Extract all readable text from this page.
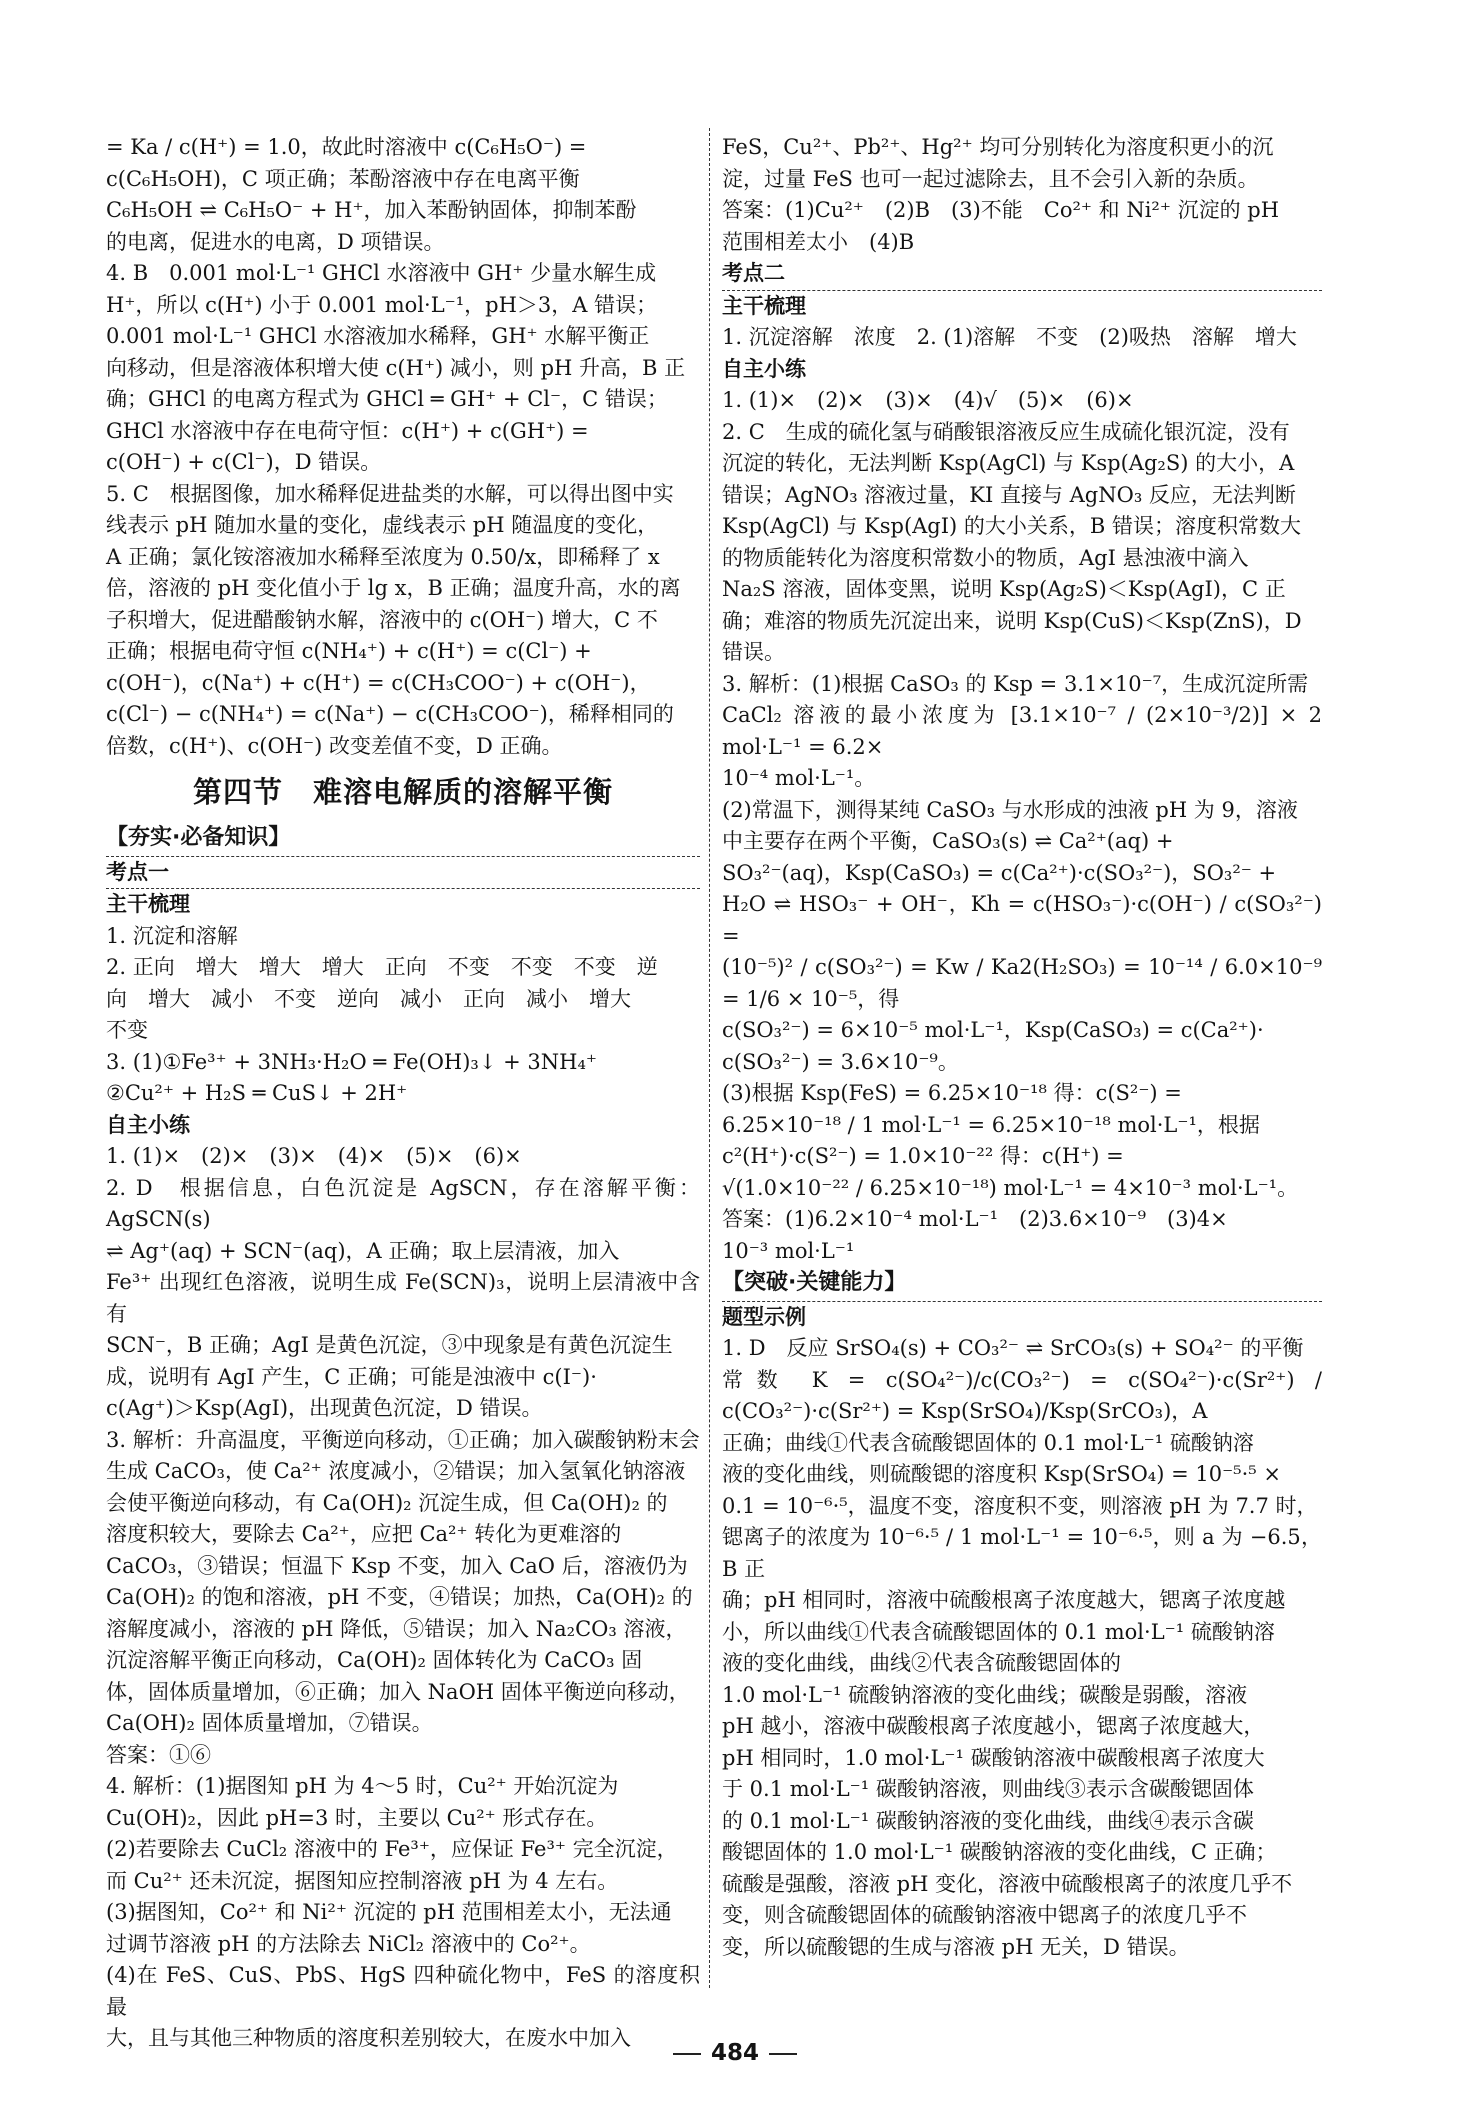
= Ka / c(H⁺) = 1.0，故此时溶液中 c(C₆H₅O⁻) =

c(C₆H₅OH)，C 项正确；苯酚溶液中存在电离平衡

C₆H₅OH ⇌ C₆H₅O⁻ + H⁺，加入苯酚钠固体，抑制苯酚

的电离，促进水的电离，D 项错误。

4. B　0.001 mol·L⁻¹ GHCl 水溶液中 GH⁺ 少量水解生成

H⁺，所以 c(H⁺) 小于 0.001 mol·L⁻¹，pH＞3，A 错误；

0.001 mol·L⁻¹ GHCl 水溶液加水稀释，GH⁺ 水解平衡正

向移动，但是溶液体积增大使 c(H⁺) 减小，则 pH 升高，B 正

确；GHCl 的电离方程式为 GHCl ═ GH⁺ + Cl⁻，C 错误；

GHCl 水溶液中存在电荷守恒：c(H⁺) + c(GH⁺) =

c(OH⁻) + c(Cl⁻)，D 错误。

5. C　根据图像，加水稀释促进盐类的水解，可以得出图中实

线表示 pH 随加水量的变化，虚线表示 pH 随温度的变化，

A 正确；氯化铵溶液加水稀释至浓度为 0.50/x，即稀释了 x

倍，溶液的 pH 变化值小于 lg x，B 正确；温度升高，水的离

子积增大，促进醋酸钠水解，溶液中的 c(OH⁻) 增大，C 不

正确；根据电荷守恒 c(NH₄⁺) + c(H⁺) = c(Cl⁻) +

c(OH⁻)，c(Na⁺) + c(H⁺) = c(CH₃COO⁻) + c(OH⁻)，

c(Cl⁻) − c(NH₄⁺) = c(Na⁺) − c(CH₃COO⁻)，稀释相同的

倍数，c(H⁺)、c(OH⁻) 改变差值不变，D 正确。

第四节　难溶电解质的溶解平衡
【夯实·必备知识】
考点一
主干梳理

1. 沉淀和溶解

2. 正向　增大　增大　增大　正向　不变　不变　不变　逆

向　增大　减小　不变　逆向　减小　正向　减小　增大

不变

3. (1)①Fe³⁺ + 3NH₃·H₂O ═ Fe(OH)₃↓ + 3NH₄⁺

②Cu²⁺ + H₂S ═ CuS↓ + 2H⁺

自主小练

1. (1)×　(2)×　(3)×　(4)×　(5)×　(6)×

2. D　根据信息，白色沉淀是 AgSCN，存在溶解平衡：AgSCN(s)

⇌ Ag⁺(aq) + SCN⁻(aq)，A 正确；取上层清液，加入

Fe³⁺ 出现红色溶液，说明生成 Fe(SCN)₃，说明上层清液中含有

SCN⁻，B 正确；AgI 是黄色沉淀，③中现象是有黄色沉淀生

成，说明有 AgI 产生，C 正确；可能是浊液中 c(I⁻)·

c(Ag⁺)＞Ksp(AgI)，出现黄色沉淀，D 错误。

3. 解析：升高温度，平衡逆向移动，①正确；加入碳酸钠粉末会

生成 CaCO₃，使 Ca²⁺ 浓度减小，②错误；加入氢氧化钠溶液

会使平衡逆向移动，有 Ca(OH)₂ 沉淀生成，但 Ca(OH)₂ 的

溶度积较大，要除去 Ca²⁺，应把 Ca²⁺ 转化为更难溶的

CaCO₃，③错误；恒温下 Ksp 不变，加入 CaO 后，溶液仍为

Ca(OH)₂ 的饱和溶液，pH 不变，④错误；加热，Ca(OH)₂ 的

溶解度减小，溶液的 pH 降低，⑤错误；加入 Na₂CO₃ 溶液，

沉淀溶解平衡正向移动，Ca(OH)₂ 固体转化为 CaCO₃ 固

体，固体质量增加，⑥正确；加入 NaOH 固体平衡逆向移动，

Ca(OH)₂ 固体质量增加，⑦错误。

答案：①⑥

4. 解析：(1)据图知 pH 为 4～5 时，Cu²⁺ 开始沉淀为

Cu(OH)₂，因此 pH=3 时，主要以 Cu²⁺ 形式存在。

(2)若要除去 CuCl₂ 溶液中的 Fe³⁺，应保证 Fe³⁺ 完全沉淀，

而 Cu²⁺ 还未沉淀，据图知应控制溶液 pH 为 4 左右。

(3)据图知，Co²⁺ 和 Ni²⁺ 沉淀的 pH 范围相差太小，无法通

过调节溶液 pH 的方法除去 NiCl₂ 溶液中的 Co²⁺。

(4)在 FeS、CuS、PbS、HgS 四种硫化物中，FeS 的溶度积最

大，且与其他三种物质的溶度积差别较大，在废水中加入

FeS，Cu²⁺、Pb²⁺、Hg²⁺ 均可分别转化为溶度积更小的沉

淀，过量 FeS 也可一起过滤除去，且不会引入新的杂质。

答案：(1)Cu²⁺　(2)B　(3)不能　Co²⁺ 和 Ni²⁺ 沉淀的 pH

范围相差太小　(4)B

考点二
主干梳理

1. 沉淀溶解　浓度　2. (1)溶解　不变　(2)吸热　溶解　增大

自主小练

1. (1)×　(2)×　(3)×　(4)√　(5)×　(6)×

2. C　生成的硫化氢与硝酸银溶液反应生成硫化银沉淀，没有

沉淀的转化，无法判断 Ksp(AgCl) 与 Ksp(Ag₂S) 的大小，A

错误；AgNO₃ 溶液过量，KI 直接与 AgNO₃ 反应，无法判断

Ksp(AgCl) 与 Ksp(AgI) 的大小关系，B 错误；溶度积常数大

的物质能转化为溶度积常数小的物质，AgI 悬浊液中滴入

Na₂S 溶液，固体变黑，说明 Ksp(Ag₂S)＜Ksp(AgI)，C 正

确；难溶的物质先沉淀出来，说明 Ksp(CuS)＜Ksp(ZnS)，D

错误。

3. 解析：(1)根据 CaSO₃ 的 Ksp = 3.1×10⁻⁷，生成沉淀所需

CaCl₂ 溶液的最小浓度为 [3.1×10⁻⁷ / (2×10⁻³/2)] × 2 mol·L⁻¹ = 6.2×

10⁻⁴ mol·L⁻¹。

(2)常温下，测得某纯 CaSO₃ 与水形成的浊液 pH 为 9，溶液

中主要存在两个平衡，CaSO₃(s) ⇌ Ca²⁺(aq) +

SO₃²⁻(aq)，Ksp(CaSO₃) = c(Ca²⁺)·c(SO₃²⁻)，SO₃²⁻ +

H₂O ⇌ HSO₃⁻ + OH⁻，Kh = c(HSO₃⁻)·c(OH⁻) / c(SO₃²⁻) =

(10⁻⁵)² / c(SO₃²⁻) = Kw / Ka2(H₂SO₃) = 10⁻¹⁴ / 6.0×10⁻⁹ = 1/6 × 10⁻⁵，得

c(SO₃²⁻) = 6×10⁻⁵ mol·L⁻¹，Ksp(CaSO₃) = c(Ca²⁺)·

c(SO₃²⁻) = 3.6×10⁻⁹。

(3)根据 Ksp(FeS) = 6.25×10⁻¹⁸ 得：c(S²⁻) =

6.25×10⁻¹⁸ / 1 mol·L⁻¹ = 6.25×10⁻¹⁸ mol·L⁻¹，根据

c²(H⁺)·c(S²⁻) = 1.0×10⁻²² 得：c(H⁺) =

√(1.0×10⁻²² / 6.25×10⁻¹⁸) mol·L⁻¹ = 4×10⁻³ mol·L⁻¹。

答案：(1)6.2×10⁻⁴ mol·L⁻¹　(2)3.6×10⁻⁹　(3)4×

10⁻³ mol·L⁻¹

【突破·关键能力】
题型示例

1. D　反应 SrSO₄(s) + CO₃²⁻ ⇌ SrCO₃(s) + SO₄²⁻ 的平衡

常数 K = c(SO₄²⁻)/c(CO₃²⁻) = c(SO₄²⁻)·c(Sr²⁺) / c(CO₃²⁻)·c(Sr²⁺) = Ksp(SrSO₄)/Ksp(SrCO₃)，A

正确；曲线①代表含硫酸锶固体的 0.1 mol·L⁻¹ 硫酸钠溶

液的变化曲线，则硫酸锶的溶度积 Ksp(SrSO₄) = 10⁻⁵·⁵ ×

0.1 = 10⁻⁶·⁵，温度不变，溶度积不变，则溶液 pH 为 7.7 时，

锶离子的浓度为 10⁻⁶·⁵ / 1 mol·L⁻¹ = 10⁻⁶·⁵，则 a 为 −6.5，B 正

确；pH 相同时，溶液中硫酸根离子浓度越大，锶离子浓度越

小，所以曲线①代表含硫酸锶固体的 0.1 mol·L⁻¹ 硫酸钠溶

液的变化曲线，曲线②代表含硫酸锶固体的

1.0 mol·L⁻¹ 硫酸钠溶液的变化曲线；碳酸是弱酸，溶液

pH 越小，溶液中碳酸根离子浓度越小，锶离子浓度越大，

pH 相同时，1.0 mol·L⁻¹ 碳酸钠溶液中碳酸根离子浓度大

于 0.1 mol·L⁻¹ 碳酸钠溶液，则曲线③表示含碳酸锶固体

的 0.1 mol·L⁻¹ 碳酸钠溶液的变化曲线，曲线④表示含碳

酸锶固体的 1.0 mol·L⁻¹ 碳酸钠溶液的变化曲线，C 正确；

硫酸是强酸，溶液 pH 变化，溶液中硫酸根离子的浓度几乎不

变，则含硫酸锶固体的硫酸钠溶液中锶离子的浓度几乎不

变，所以硫酸锶的生成与溶液 pH 无关，D 错误。

484
